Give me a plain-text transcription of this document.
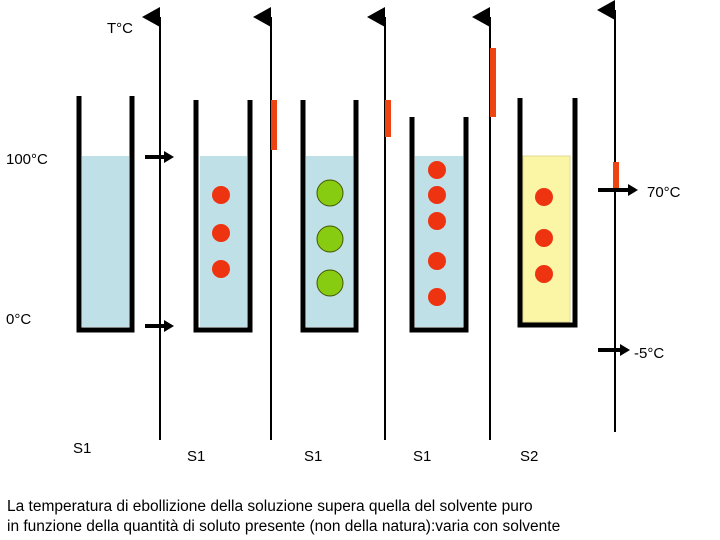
T°C
100°C
0°C
70°C
-5°C
S1	S1	S1	S1	S2
La temperatura di ebollizione della soluzione supera quella del solvente puro
in funzione della quantità di soluto presente (non della natura):varia con solvente
